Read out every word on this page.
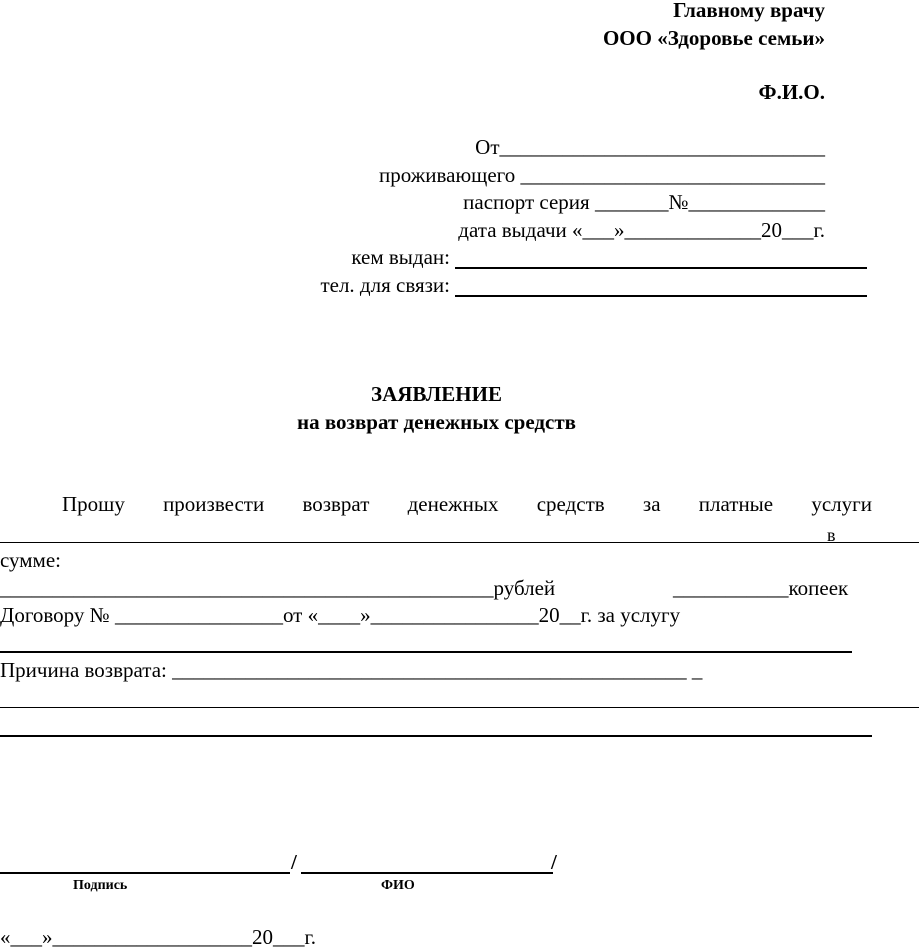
Главному врачу
ООО «Здоровье семьи»
Ф.И.О.
От_______________________________
проживающего _____________________________
паспорт серия _______№_____________
дата выдачи «___»_____________20___г.
кем выдан:
тел. для связи:
ЗАЯВЛЕНИЕ
на возврат денежных средств
Прошу произвести возврат денежных средств за платные услуги
в
сумме:
_______________________________________________рублей	___________копеек
Договору № ________________от «____»________________20__г. за услугу
Причина возврата: _________________________________________________ _
/	/
Подпись	ФИО
«___»___________________20___г.
